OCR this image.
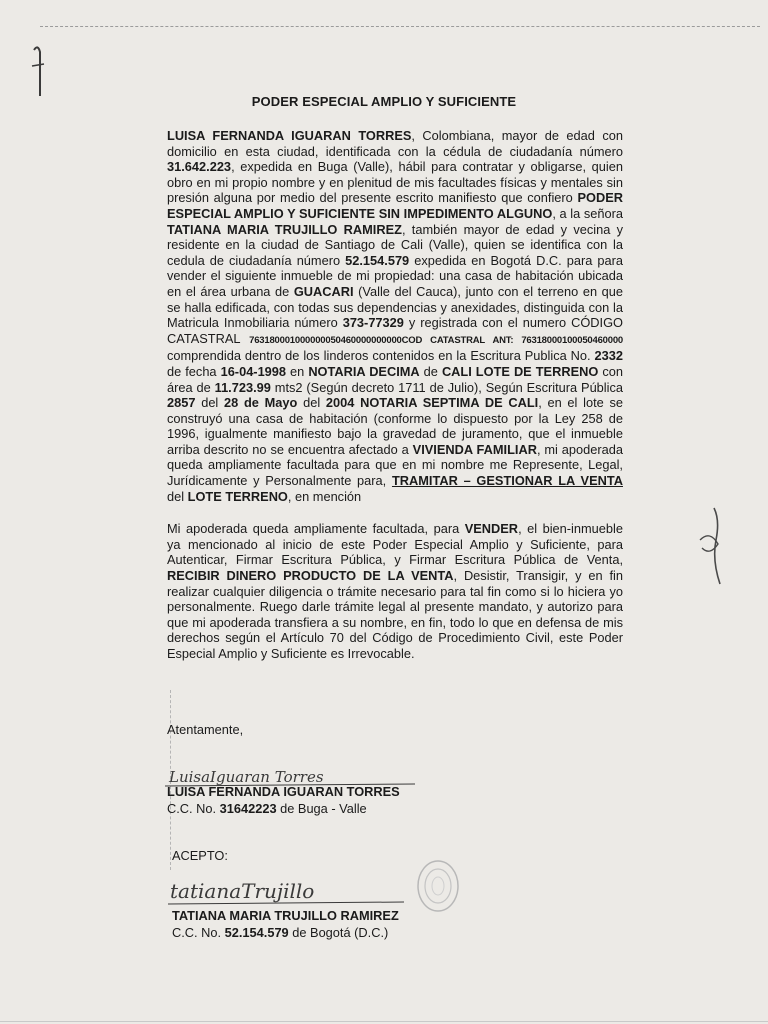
PODER ESPECIAL AMPLIO Y SUFICIENTE

LUISA FERNANDA IGUARAN TORRES, Colombiana, mayor de edad con domicilio en esta ciudad, identificada con la cédula de ciudadanía número 31.642.223, expedida en Buga (Valle), hábil para contratar y obligarse, quien obro en mi propio nombre y en plenitud de mis facultades físicas y mentales sin presión alguna por medio del presente escrito manifiesto que confiero PODER ESPECIAL AMPLIO Y SUFICIENTE SIN IMPEDIMENTO ALGUNO, a la señora TATIANA MARIA TRUJILLO RAMIREZ, también mayor de edad y vecina y residente en la ciudad de Santiago de Cali (Valle), quien se identifica con la cedula de ciudadanía número 52.154.579 expedida en Bogotá D.C. para para vender el siguiente inmueble de mi propiedad: una casa de habitación ubicada en el área urbana de GUACARI (Valle del Cauca), junto con el terreno en que se halla edificada, con todas sus dependencias y anexidades, distinguida con la Matricula Inmobiliaria número 373-77329 y registrada con el numero CÓDIGO CATASTRAL 763180001000000050460000000000COD CATASTRAL ANT: 76318000100050460000 comprendida dentro de los linderos contenidos en la Escritura Publica No. 2332 de fecha 16-04-1998 en NOTARIA DECIMA de CALI LOTE DE TERRENO con área de 11.723.99 mts2 (Según decreto 1711 de Julio), Según Escritura Pública 2857 del 28 de Mayo del 2004 NOTARIA SEPTIMA DE CALI, en el lote se construyó una casa de habitación (conforme lo dispuesto por la Ley 258 de 1996, igualmente manifiesto bajo la gravedad de juramento, que el inmueble arriba descrito no se encuentra afectado a VIVIENDA FAMILIAR, mi apoderada queda ampliamente facultada para que en mi nombre me Represente, Legal, Jurídicamente y Personalmente para, TRAMITAR – GESTIONAR LA VENTA del LOTE TERRENO, en mención

Mi apoderada queda ampliamente facultada, para VENDER, el bien-inmueble ya mencionado al inicio de este Poder Especial Amplio y Suficiente, para Autenticar, Firmar Escritura Pública, y Firmar Escritura Pública de Venta, RECIBIR DINERO PRODUCTO DE LA VENTA, Desistir, Transigir, y en fin realizar cualquier diligencia o trámite necesario para tal fin como si lo hiciera yo personalmente. Ruego darle trámite legal al presente mandato, y autorizo para que mi apoderada transfiera a su nombre, en fin, todo lo que en defensa de mis derechos según el Artículo 70 del Código de Procedimiento Civil, este Poder Especial Amplio y Suficiente es Irrevocable.

Atentamente,
LuisaIguaran Torres
LUISA FERNANDA IGUARAN TORRES
C.C. No. 31642223 de Buga - Valle
ACEPTO:
tatianaTrujillo
TATIANA MARIA TRUJILLO RAMIREZ
C.C. No. 52.154.579 de Bogotá (D.C.)
